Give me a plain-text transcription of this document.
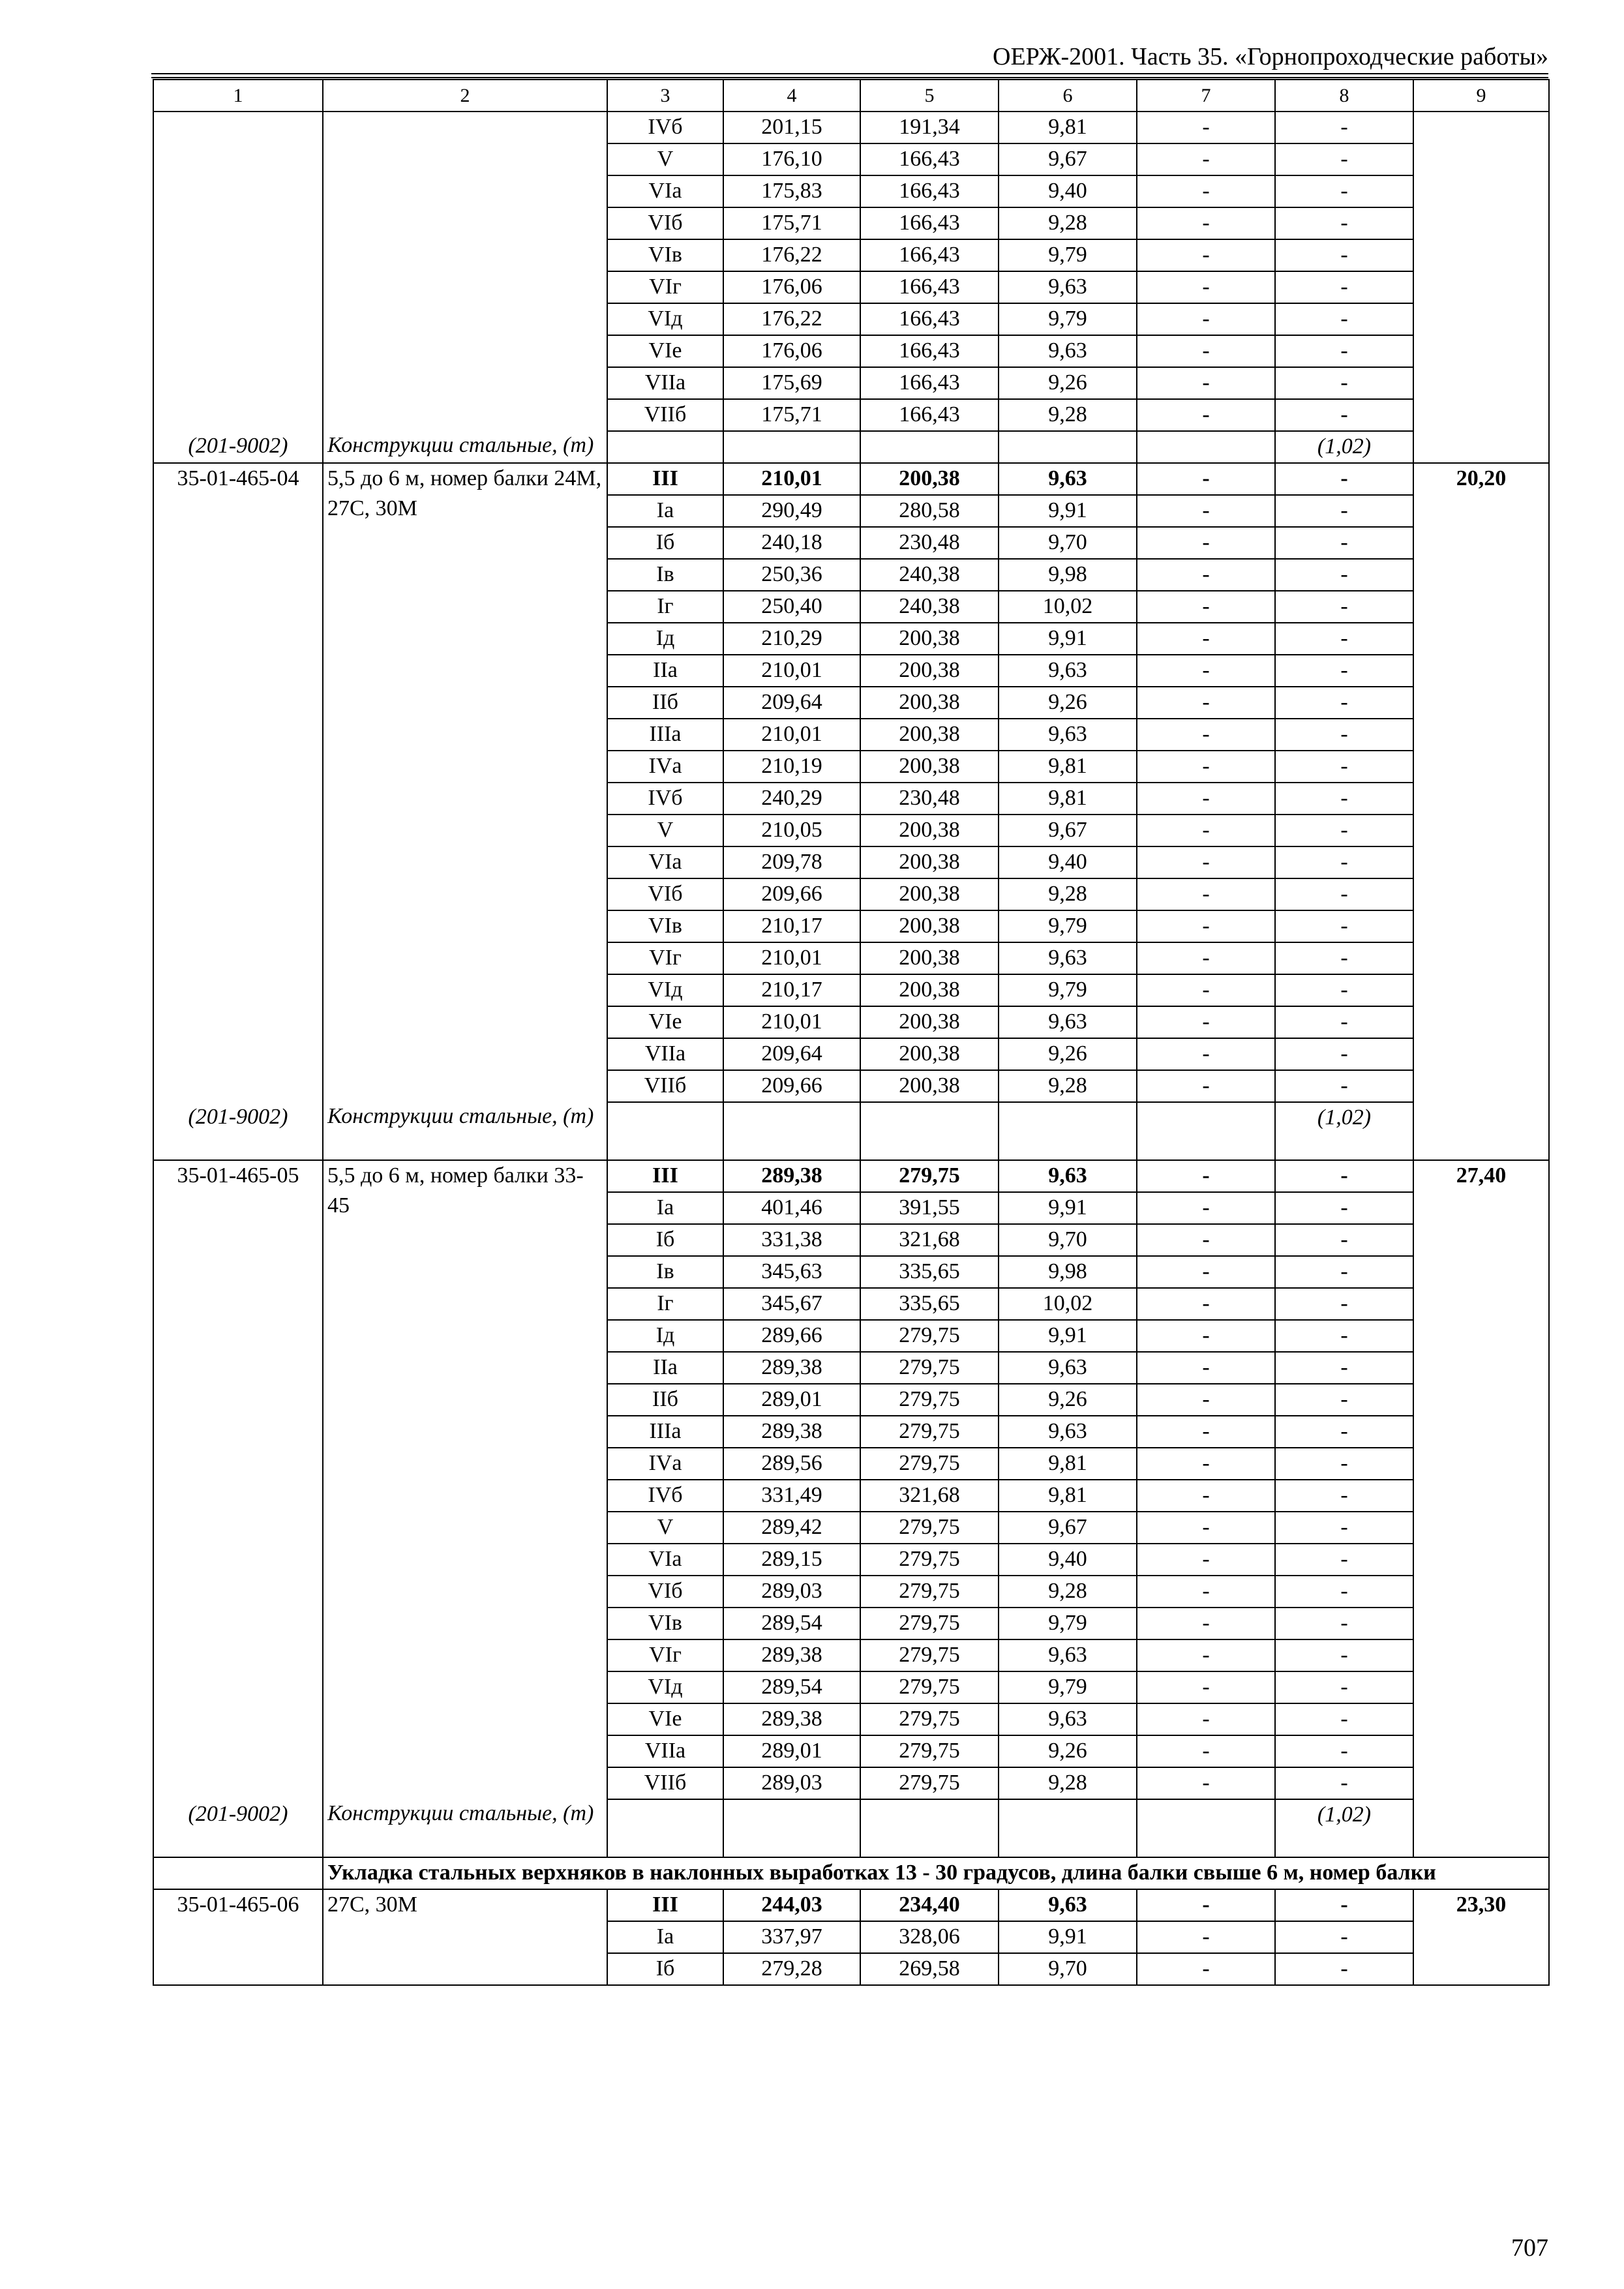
ОЕРЖ-2001. Часть 35. «Горнопроходческие работы»
1	2	3	4	5	6	7	8	9
		IVб	201,15	191,34	9,81	-	-	
		V	176,10	166,43	9,67	-	-	
		VIа	175,83	166,43	9,40	-	-	
		VIб	175,71	166,43	9,28	-	-	
		VIв	176,22	166,43	9,79	-	-	
		VIг	176,06	166,43	9,63	-	-	
		VIд	176,22	166,43	9,79	-	-	
		VIе	176,06	166,43	9,63	-	-	
		VIIа	175,69	166,43	9,26	-	-	
		VIIб	175,71	166,43	9,28	-	-	
(201-9002)	Конструкции стальные, (т)						(1,02)	
35-01-465-04	5,5 до 6 м, номер балки 24М, 27С, 30М	III	210,01	200,38	9,63	-	-	20,20
		Iа	290,49	280,58	9,91	-	-	
		Iб	240,18	230,48	9,70	-	-	
		Iв	250,36	240,38	9,98	-	-	
		Iг	250,40	240,38	10,02	-	-	
		Iд	210,29	200,38	9,91	-	-	
		IIа	210,01	200,38	9,63	-	-	
		IIб	209,64	200,38	9,26	-	-	
		IIIа	210,01	200,38	9,63	-	-	
		IVа	210,19	200,38	9,81	-	-	
		IVб	240,29	230,48	9,81	-	-	
		V	210,05	200,38	9,67	-	-	
		VIа	209,78	200,38	9,40	-	-	
		VIб	209,66	200,38	9,28	-	-	
		VIв	210,17	200,38	9,79	-	-	
		VIг	210,01	200,38	9,63	-	-	
		VIд	210,17	200,38	9,79	-	-	
		VIе	210,01	200,38	9,63	-	-	
		VIIа	209,64	200,38	9,26	-	-	
		VIIб	209,66	200,38	9,28	-	-	
(201-9002)	Конструкции стальные, (т)						(1,02)	
35-01-465-05	5,5 до 6 м, номер балки 33-45	III	289,38	279,75	9,63	-	-	27,40
		Iа	401,46	391,55	9,91	-	-	
		Iб	331,38	321,68	9,70	-	-	
		Iв	345,63	335,65	9,98	-	-	
		Iг	345,67	335,65	10,02	-	-	
		Iд	289,66	279,75	9,91	-	-	
		IIа	289,38	279,75	9,63	-	-	
		IIб	289,01	279,75	9,26	-	-	
		IIIа	289,38	279,75	9,63	-	-	
		IVа	289,56	279,75	9,81	-	-	
		IVб	331,49	321,68	9,81	-	-	
		V	289,42	279,75	9,67	-	-	
		VIа	289,15	279,75	9,40	-	-	
		VIб	289,03	279,75	9,28	-	-	
		VIв	289,54	279,75	9,79	-	-	
		VIг	289,38	279,75	9,63	-	-	
		VIд	289,54	279,75	9,79	-	-	
		VIе	289,38	279,75	9,63	-	-	
		VIIа	289,01	279,75	9,26	-	-	
		VIIб	289,03	279,75	9,28	-	-	
(201-9002)	Конструкции стальные, (т)						(1,02)	
	Укладка стальных верхняков в наклонных выработках 13 - 30 градусов, длина балки свыше 6 м, номер балки							
35-01-465-06	27С, 30М	III	244,03	234,40	9,63	-	-	23,30
		Iа	337,97	328,06	9,91	-	-	
		Iб	279,28	269,58	9,70	-	-	
707
